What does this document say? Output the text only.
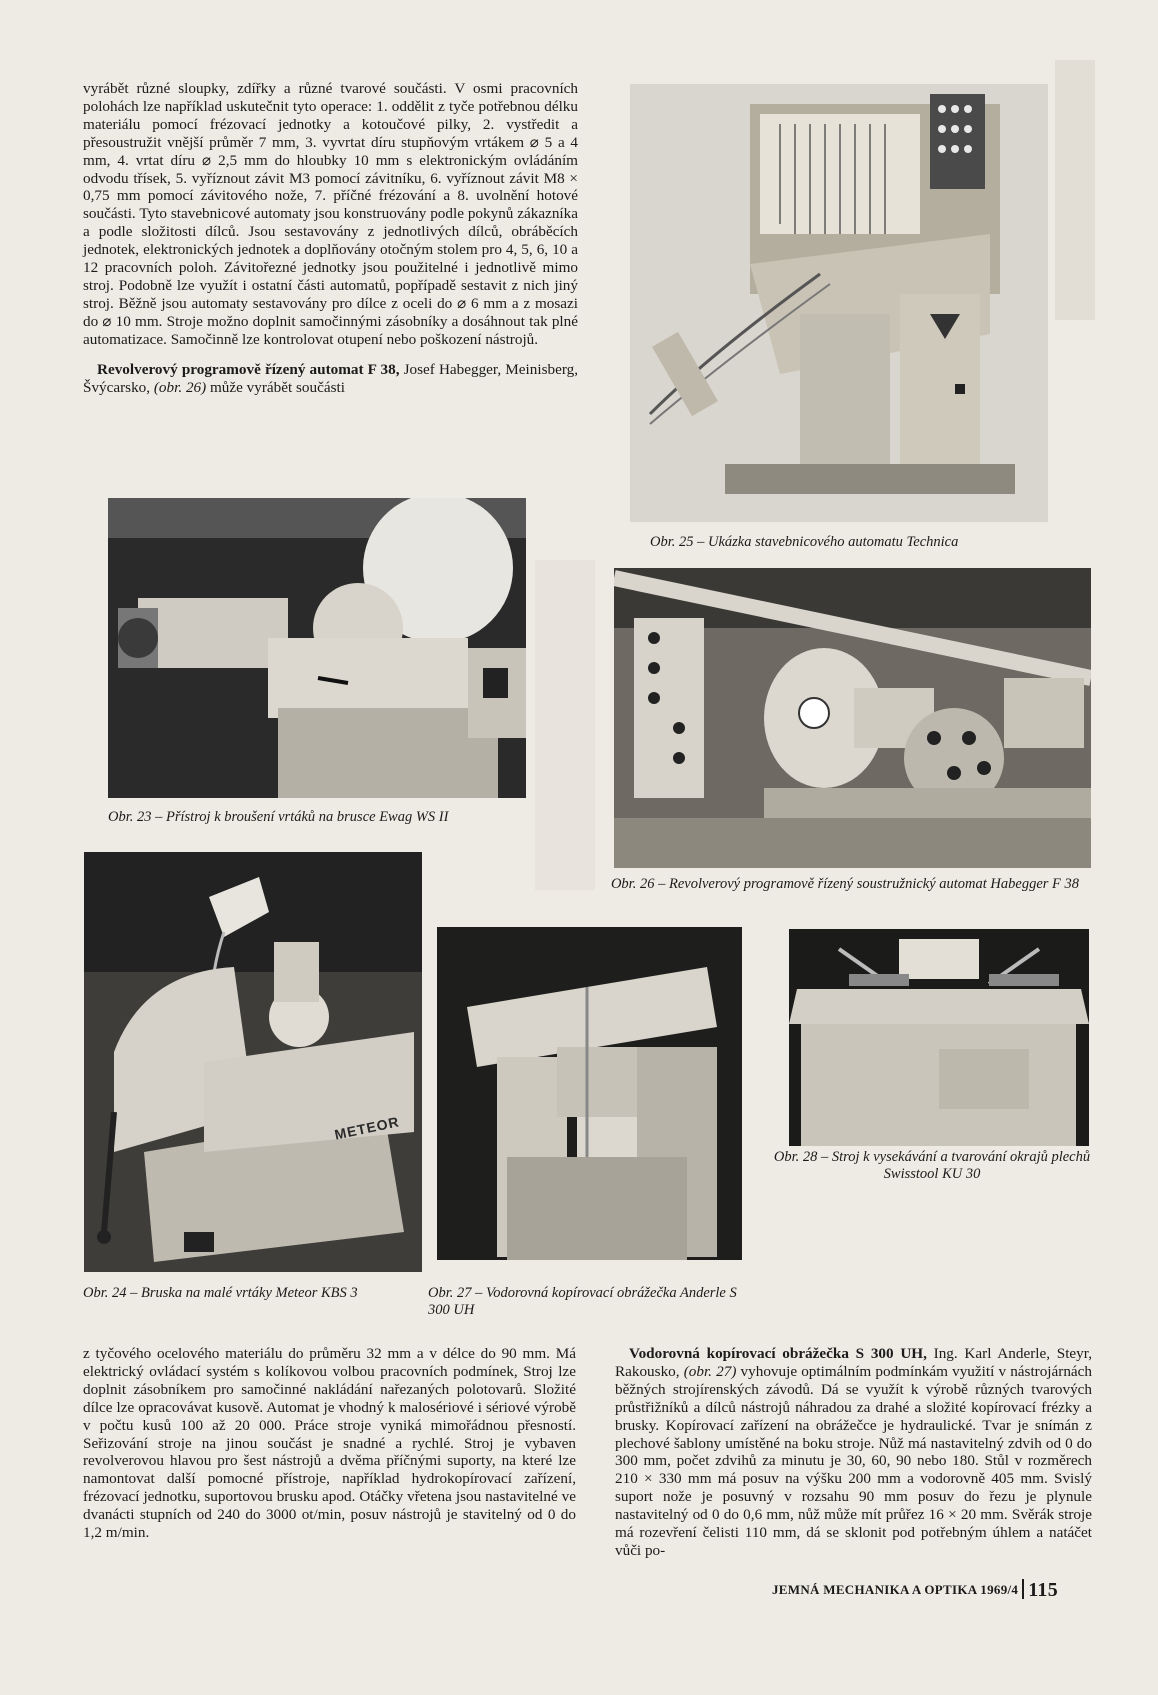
vyrábět různé sloupky, zdířky a různé tvarové součásti. V osmi pracovních polohách lze například uskutečnit tyto operace: 1. oddělit z tyče potřebnou délku materiálu pomocí frézovací jednotky a kotoučové pilky, 2. vystředit a přesoustružit vnější průměr 7 mm, 3. vyvrtat díru stupňovým vrtákem ⌀ 5 a 4 mm, 4. vrtat díru ⌀ 2,5 mm do hloubky 10 mm s elektronickým ovládáním odvodu třísek, 5. vyříznout závit M3 pomocí závitníku, 6. vyříznout závit M8 × 0,75 mm pomocí závitového nože, 7. příčné frézování a 8. uvolnění hotové součásti. Tyto stavebnicové automaty jsou konstruovány podle pokynů zákazníka a podle složitosti dílců. Jsou sestavovány z jednotlivých dílců, obráběcích jednotek, elektronických jednotek a doplňovány otočným stolem pro 4, 5, 6, 10 a 12 pracovních poloh. Závitořezné jednotky jsou použitelné i jednotlivě mimo stroj. Podobně lze využít i ostatní části automatů, popřípadě sestavit z nich jiný stroj. Běžně jsou automaty sestavovány pro dílce z oceli do ⌀ 6 mm a z mosazi do ⌀ 10 mm. Stroje možno doplnit samočinnými zásobníky a dosáhnout tak plné automatizace. Samočinně lze kontrolovat otupení nebo poškození nástrojů.

Revolverový programově řízený automat F 38, Josef Habegger, Meinisberg, Švýcarsko, (obr. 26) může vyrábět součásti

Obr. 25 – Ukázka stavebnicového automatu Technica
Obr. 23 – Přístroj k broušení vrtáků na brusce Ewag WS II
Obr. 26 – Revolverový programově řízený soustružnický automat Habegger F 38
METEOR
Obr. 24 – Bruska na malé vrtáky Meteor KBS 3	Obr. 27 – Vodorovná kopírovací obrážečka Anderle S 300 UH
Obr. 28 – Stroj k vysekávání a tvarování okrajů plechů Swisstool KU 30
z tyčového ocelového materiálu do průměru 32 mm a v délce do 90 mm. Má elektrický ovládací systém s kolíkovou volbou pracovních podmínek, Stroj lze doplnit zásobníkem pro samočinné nakládání nařezaných polotovarů. Složité dílce lze opracovávat kusově. Automat je vhodný k malosériové i sériové výrobě v počtu kusů 100 až 20 000. Práce stroje vyniká mimořádnou přesností. Seřizování stroje na jinou součást je snadné a rychlé. Stroj je vybaven revolverovou hlavou pro šest nástrojů a dvěma příčnými suporty, na které lze namontovat další pomocné přístroje, například hydrokopírovací zařízení, frézovací jednotku, suportovou brusku apod. Otáčky vřetena jsou nastavitelné ve dvanácti stupních od 240 do 3000 ot/min, posuv nástrojů je stavitelný od 0 do 1,2 m/min.

Vodorovná kopírovací obrážečka S 300 UH, Ing. Karl Anderle, Steyr, Rakousko, (obr. 27) vyhovuje optimálním podmínkám využití v nástrojárnách běžných strojírenských závodů. Dá se využít k výrobě různých tvarových průstřižníků a dílců nástrojů náhradou za drahé a složité kopírovací frézky a brusky. Kopírovací zařízení na obrážečce je hydraulické. Tvar je snímán z plechové šablony umístěné na boku stroje. Nůž má nastavitelný zdvih od 0 do 300 mm, počet zdvihů za minutu je 30, 60, 90 nebo 180. Stůl v rozměrech 210 × 330 mm má posuv na výšku 200 mm a vodorovně 405 mm. Svislý suport nože je posuvný v rozsahu 90 mm posuv do řezu je plynule nastavitelný od 0 do 0,6 mm, nůž může mít průřez 16 × 20 mm. Svěrák stroje má rozevření čelisti 110 mm, dá se sklonit pod potřebným úhlem a natáčet vůči po-

JEMNÁ MECHANIKA A OPTIKA 1969/4 115
